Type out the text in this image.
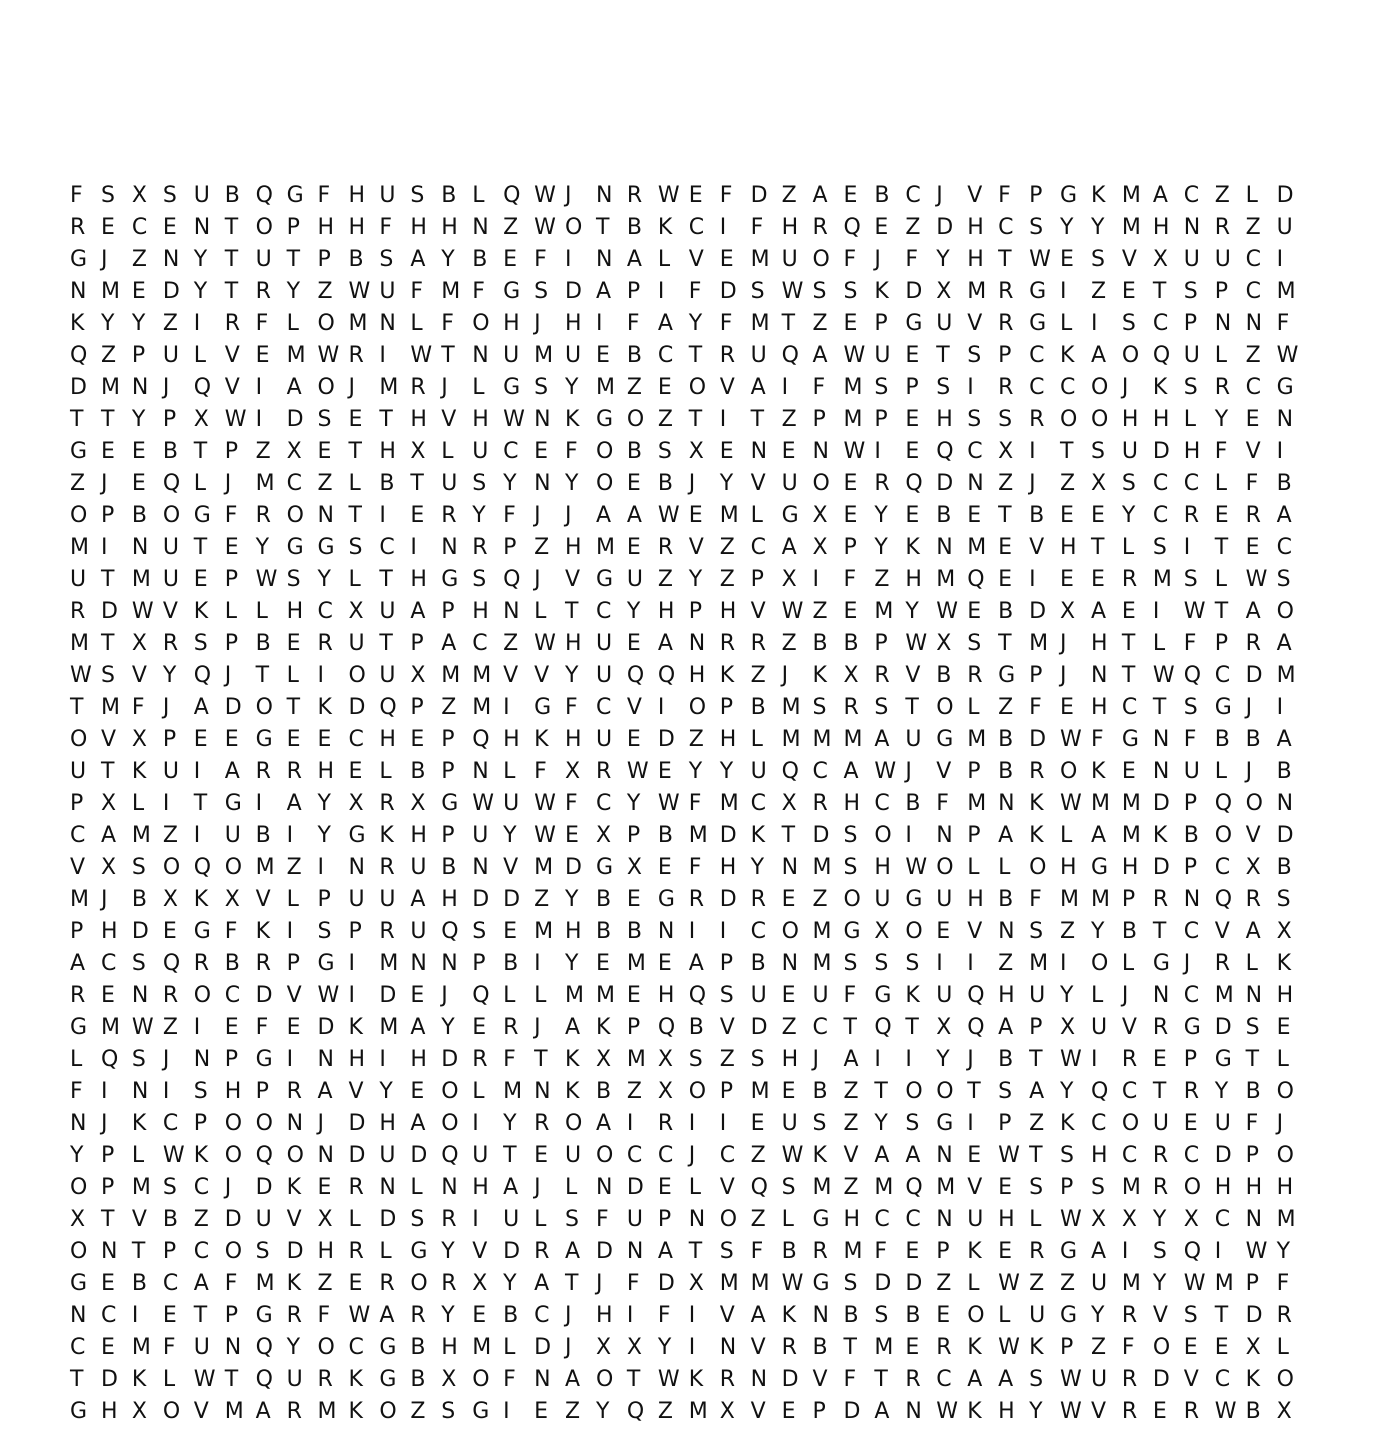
F S X S U B Q G F H U S B L Q W J	N R W E F D Z A E B C J	V F P G K M A C Z L D
R E C E N T O P H H F H H N Z W O T B K C I	F H R Q E Z D H C S Y Y M H N R Z U
G J	Z N Y T U T P B S A Y B E F I	N A L V E M U O F J	F Y H T W E S V X U U C I
N M E D Y T R Y Z W U F M F G S D A P I	F D S W S S K D X M R G I	Z E T S P C M
K Y Y Z I	R F L O M N L F O H J	H I	F A Y F M T Z E P G U V R G L I	S C P N N F
Q Z P U L V E M W R I	W T N U M U E B C T R U Q A W U E T S P C K A O Q U L Z W
D M N J	Q V I	A O J	M R J	L G S Y M Z E O V A I	F M S P S I	R C C O J	K S R C G
T T Y P X W I	D S E T H V H W N K G O Z T I	T Z P M P E H S S R O O H H L Y E N
G E E B T P Z X E T H X L U C E F O B S X E N E N W I	E Q C X I	T S U D H F V I
Z J	E Q L J	M C Z L B T U S Y N Y O E B J	Y V U O E R Q D N Z J	Z X S C C L F B
O P B O G F R O N T I	E R Y F J	J	A A W E M L G X E Y E B E T B E E Y C R E R A
M I	N U T E Y G G S C I	N R P Z H M E R V Z C A X P Y K N M E V H T L S I	T E C
U T M U E P W S Y L T H G S Q J	V G U Z Y Z P X I	F Z H M Q E I	E E R M S L W S
R D W V K L L H C X U A P H N L T C Y H P H V W Z E M Y W E B D X A E I	W T A O
M T X R S P B E R U T P A C Z W H U E A N R R Z B B P W X S T M J	H T L F P R A
W S V Y Q J	T L I	O U X M M V V Y U Q Q H K Z J	K X R V B R G P J	N T W Q C D M
T M F J	A D O T K D Q P Z M I	G F C V I	O P B M S R S T O L Z F E H C T S G J	I
O V X P E E G E E C H E P Q H K H U E D Z H L M M M A U G M B D W F G N F B B A
U T K U I	A R R H E L B P N L F X R W E Y Y U Q C A W J	V P B R O K E N U L J	B
P X L I	T G I	A Y X R X G W U W F C Y W F M C X R H C B F M N K W M M D P Q O N
C A M Z I	U B I	Y G K H P U Y W E X P B M D K T D S O I	N P A K L A M K B O V D
V X S O Q O M Z I	N R U B N V M D G X E F H Y N M S H W O L L O H G H D P C X B
M J	B X K X V L P U U A H D D Z Y B E G R D R E Z O U G U H B F M M P R N Q R S
P H D E G F K I	S P R U Q S E M H B B N I	I	C O M G X O E V N S Z Y B T C V A X
A C S Q R B R P G I	M N N P B I	Y E M E A P B N M S S S I	I	Z M I	O L G J	R L K
R E N R O C D V W I	D E J	Q L L M M E H Q S U E U F G K U Q H U Y L J	N C M N H
G M W Z I	E F E D K M A Y E R J	A K P Q B V D Z C T Q T X Q A P X U V R G D S E
L Q S J	N P G I	N H I	H D R F T K X M X S Z S H J	A I	I	Y J	B T W I	R E P G T L
F I	N I	S H P R A V Y E O L M N K B Z X O P M E B Z T O O T S A Y Q C T R Y B O
N J	K C P O O N J	D H A O I	Y R O A I	R I	I	E U S Z Y S G I	P Z K C O U E U F J
Y P L W K O Q O N D U D Q U T E U O C C J	C Z W K V A A N E W T S H C R C D P O
O P M S C J	D K E R N L N H A J	L N D E L V Q S M Z M Q M V E S P S M R O H H H
X T V B Z D U V X L D S R I	U L S F U P N O Z L G H C C N U H L W X X Y X C N M
O N T P C O S D H R L G Y V D R A D N A T S F B R M F E P K E R G A I	S Q I	W Y
G E B C A F M K Z E R O R X Y A T J	F D X M M W G S D D Z L W Z Z U M Y W M P F
N C I	E T P G R F W A R Y E B C J	H I	F I	V A K N B S B E O L U G Y R V S T D R
C E M F U N Q Y O C G B H M L D J	X X Y I	N V R B T M E R K W K P Z F O E E X L
T D K L W T Q U R K G B X O F N A O T W K R N D V F T R C A A S W U R D V C K O
G H X O V M A R M K O Z S G I	E Z Y Q Z M X V E P D A N W K H Y W V R E R W B X
